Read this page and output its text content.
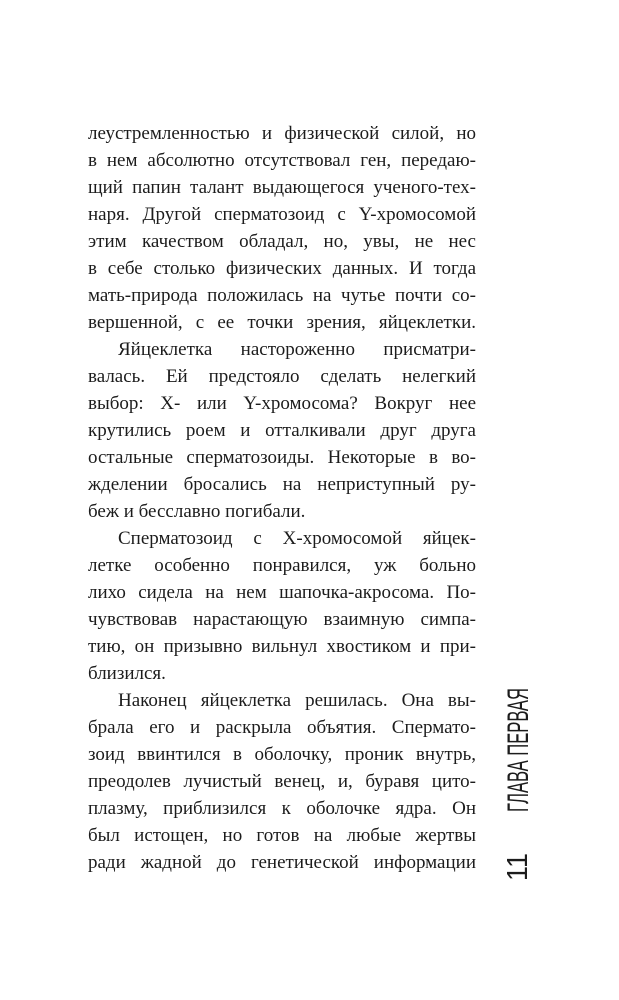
леустремленностью и физической силой, но
в нем абсолютно отсутствовал ген, передаю-
щий папин талант выдающегося ученого-тех-
наря. Другой сперматозоид с Y-хромосомой
этим качеством обладал, но, увы, не нес
в себе столько физических данных. И тогда
мать-природа положилась на чутье почти со-
вершенной, с ее точки зрения, яйцеклетки.
Яйцеклетка настороженно присматри-
валась. Ей предстояло сделать нелегкий
выбор: X- или Y-хромосома? Вокруг нее
крутились роем и отталкивали друг друга
остальные сперматозоиды. Некоторые в во-
жделении бросались на неприступный ру-
беж и бесславно погибали.
Сперматозоид с X-хромосомой яйцек-
летке особенно понравился, уж больно
лихо сидела на нем шапочка-акросома. По-
чувствовав нарастающую взаимную симпа-
тию, он призывно вильнул хвостиком и при-
близился.
Наконец яйцеклетка решилась. Она вы-
брала его и раскрыла объятия. Спермато-
зоид ввинтился в оболочку, проник внутрь,
преодолев лучистый венец, и, буравя цито-
плазму, приблизился к оболочке ядра. Он
был истощен, но готов на любые жертвы
ради жадной до генетической информации
ГЛАВА ПЕРВАЯ
11
